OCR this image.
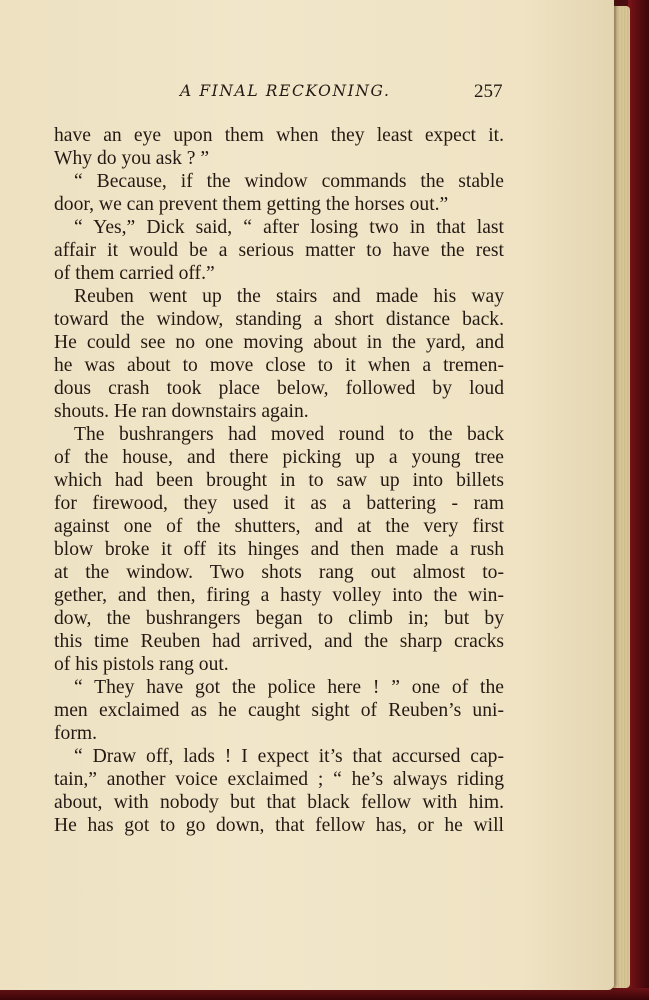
A FINAL RECKONING.	257
have an eye upon them when they least expect it.
Why do you ask ? ”
“ Because, if the window commands the stable
door, we can prevent them getting the horses out.”
“ Yes,” Dick said, “ after losing two in that last
affair it would be a serious matter to have the rest
of them carried off.”
Reuben went up the stairs and made his way
toward the window, standing a short distance back.
He could see no one moving about in the yard, and
he was about to move close to it when a tremen-
dous crash took place below, followed by loud
shouts. He ran downstairs again.
The bushrangers had moved round to the back
of the house, and there picking up a young tree
which had been brought in to saw up into billets
for firewood, they used it as a battering - ram
against one of the shutters, and at the very first
blow broke it off its hinges and then made a rush
at the window. Two shots rang out almost to-
gether, and then, firing a hasty volley into the win-
dow, the bushrangers began to climb in; but by
this time Reuben had arrived, and the sharp cracks
of his pistols rang out.
“ They have got the police here ! ” one of the
men exclaimed as he caught sight of Reuben’s uni-
form.
“ Draw off, lads ! I expect it’s that accursed cap-
tain,” another voice exclaimed ; “ he’s always riding
about, with nobody but that black fellow with him.
He has got to go down, that fellow has, or he will
